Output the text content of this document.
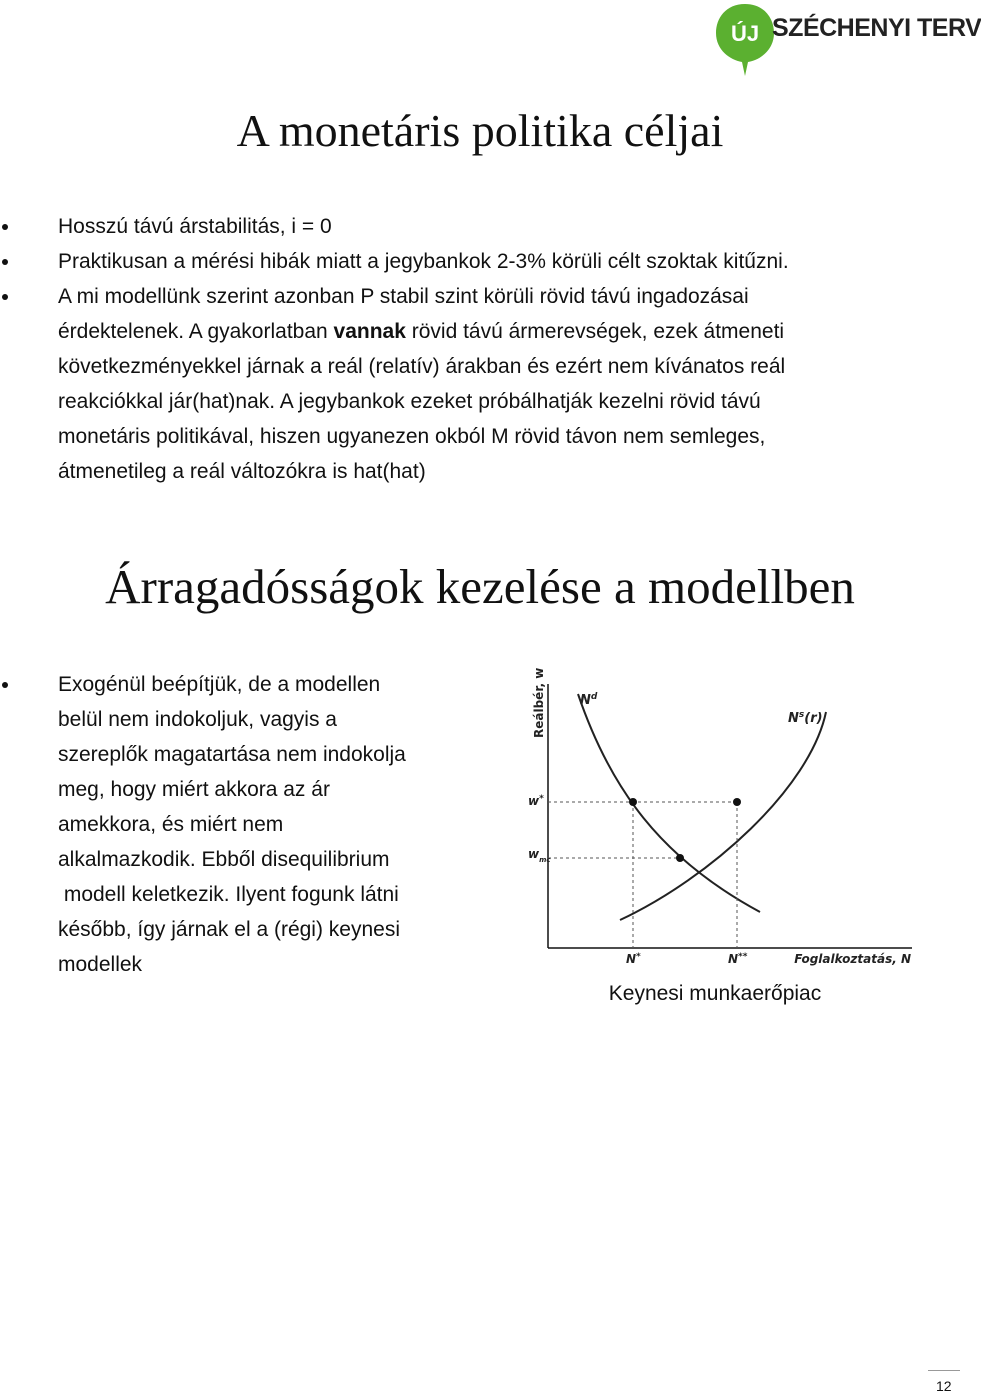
ÚJ SZÉCHENYI TERV
A monetáris politika céljai
Hosszú távú árstabilitás, i = 0
Praktikusan a mérési hibák miatt a jegybankok 2-3% körüli célt szoktak kitűzni.
A mi modellünk szerint azonban P stabil szint körüli rövid távú ingadozásai
érdektelenek. A gyakorlatban vannak rövid távú ármerevségek, ezek átmeneti
következményekkel járnak a reál (relatív) árakban és ezért nem kívánatos reál
reakciókkal jár(hat)nak. A jegybankok ezeket próbálhatják kezelni rövid távú
monetáris politikával, hiszen ugyanezen okból M rövid távon nem semleges,
átmenetileg a reál változókra is hat(hat)
Árragadósságok kezelése a modellben
Exogénül beépítjük, de a modellen
belül nem indokoljuk, vagyis a
szereplők magatartása nem indokolja
meg, hogy miért akkora az ár
amekkora, és miért nem
alkalmazkodik. Ebből disequilibrium
modell keletkezik. Ilyent fogunk látni
később, így járnak el a (régi) keynesi
modellek
Reálbér, w
Foglalkoztatás, N
$N^d$
$N^s(r)$
w*
$w_{mc}$
N*	N**
Keynesi munkaerőpiac
12
